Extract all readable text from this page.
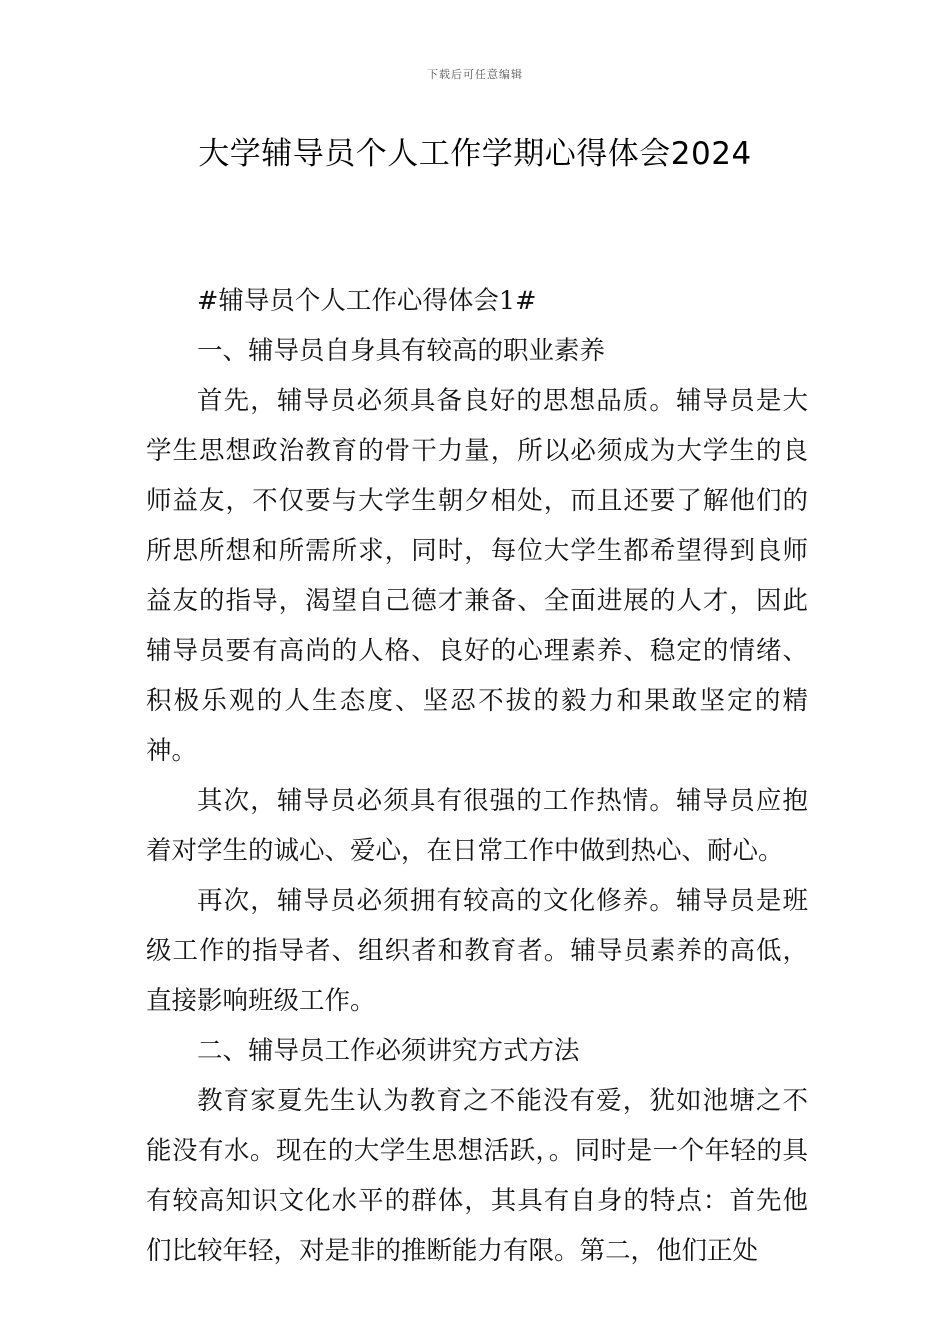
下载后可任意编辑
大学辅导员个人工作学期心得体会2024

#辅导员个人工作心得体会1#

一、辅导员自身具有较高的职业素养

首先，辅导员必须具备良好的思想品质。辅导员是大学生思想政治教育的骨干力量，所以必须成为大学生的良师益友，不仅要与大学生朝夕相处，而且还要了解他们的所思所想和所需所求，同时，每位大学生都希望得到良师益友的指导，渴望自己德才兼备、全面进展的人才，因此辅导员要有高尚的人格、良好的心理素养、稳定的情绪、积极乐观的人生态度、坚忍不拔的毅力和果敢坚定的精神。

其次，辅导员必须具有很强的工作热情。辅导员应抱着对学生的诚心、爱心，在日常工作中做到热心、耐心。

再次，辅导员必须拥有较高的文化修养。辅导员是班级工作的指导者、组织者和教育者。辅导员素养的高低，直接影响班级工作。

二、辅导员工作必须讲究方式方法

教育家夏先生认为教育之不能没有爱，犹如池塘之不能没有水。现在的大学生思想活跃，。同时是一个年轻的具有较高知识文化水平的群体，其具有自身的特点：首先他们比较年轻，对是非的推断能力有限。第二，他们正处
